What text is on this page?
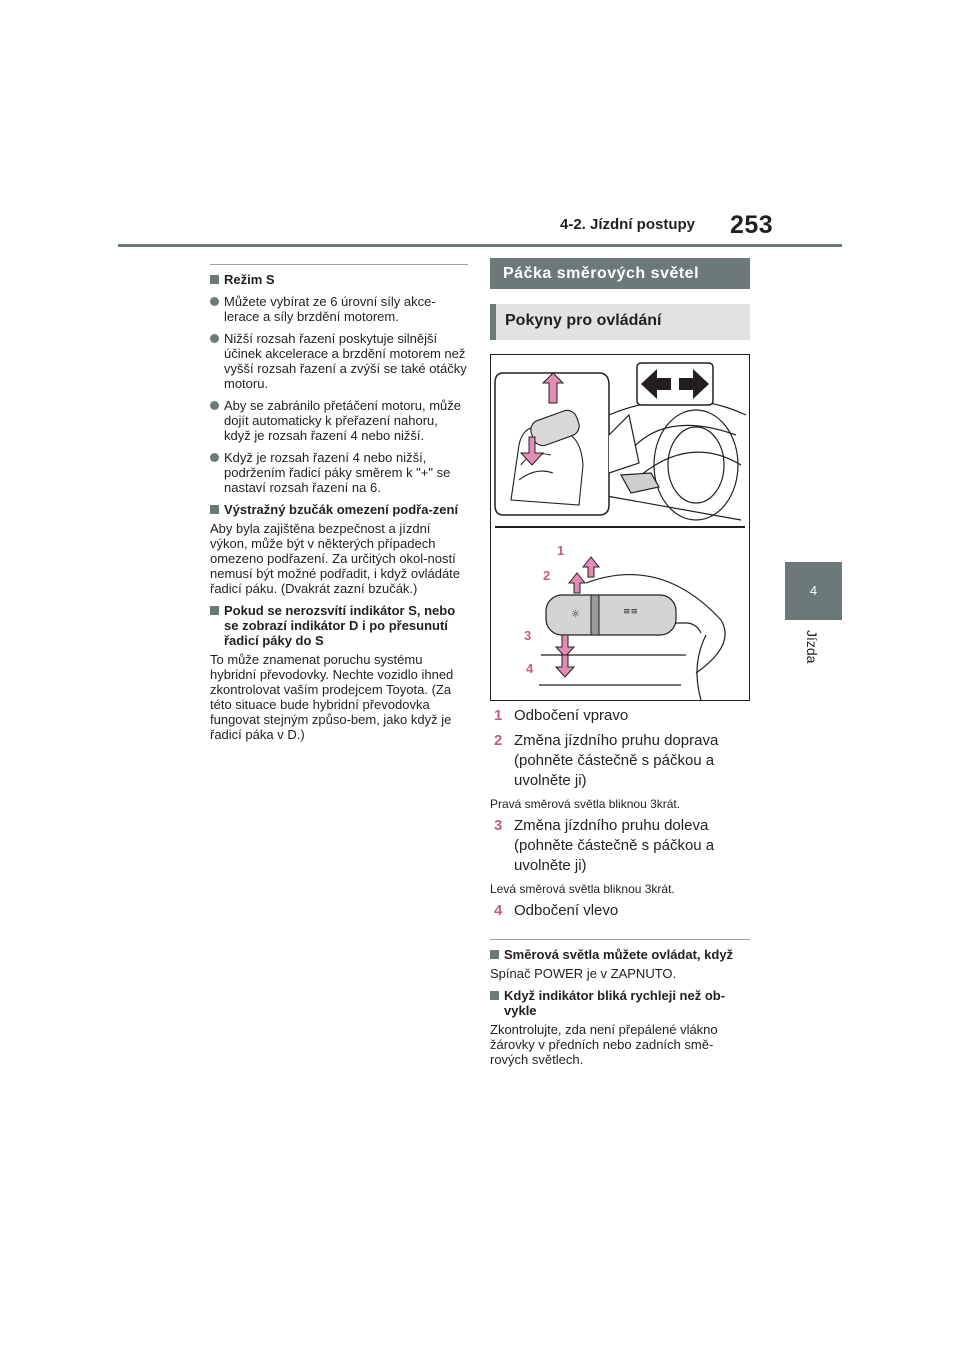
4-2. Jízdní postupy 253
4
Jízda
Režim S
Můžete vybírat ze 6 úrovní síly akce-lerace a síly brzdění motorem.
Nižší rozsah řazení poskytuje silnější účinek akcelerace a brzdění motorem než vyšší rozsah řazení a zvýší se také otáčky motoru.
Aby se zabránilo přetáčení motoru, může dojít automaticky k přeřazení nahoru, když je rozsah řazení 4 nebo nižší.
Když je rozsah řazení 4 nebo nižší, podržením řadicí páky směrem k "+" se nastaví rozsah řazení na 6.
Výstražný bzučák omezení podřa-zení
Aby byla zajištěna bezpečnost a jízdní výkon, může být v některých případech omezeno podřazení. Za určitých okol-ností nemusí být možné podřadit, i když ovládáte řadicí páku. (Dvakrát zazní bzučák.)
Pokud se nerozsvítí indikátor S, nebo se zobrazí indikátor D i po přesunutí řadicí páky do S
To může znamenat poruchu systému hybridní převodovky. Nechte vozidlo ihned zkontrolovat vaším prodejcem Toyota. (Za této situace bude hybridní převodovka fungovat stejným způso-bem, jako když je řadicí páka v D.)
Páčka směrových světel
Pokyny pro ovládání
☼	≡≡
1
2
3
4
1 Odbočení vpravo
2 Změna jízdního pruhu doprava (pohněte částečně s páčkou a uvolněte ji)
Pravá směrová světla bliknou 3krát.
3 Změna jízdního pruhu doleva (pohněte částečně s páčkou a uvolněte ji)
Levá směrová světla bliknou 3krát.
4 Odbočení vlevo
Směrová světla můžete ovládat, když
Spínač POWER je v ZAPNUTO.
Když indikátor bliká rychleji než ob-vykle
Zkontrolujte, zda není přepálené vlákno žárovky v předních nebo zadních smě-rových světlech.
